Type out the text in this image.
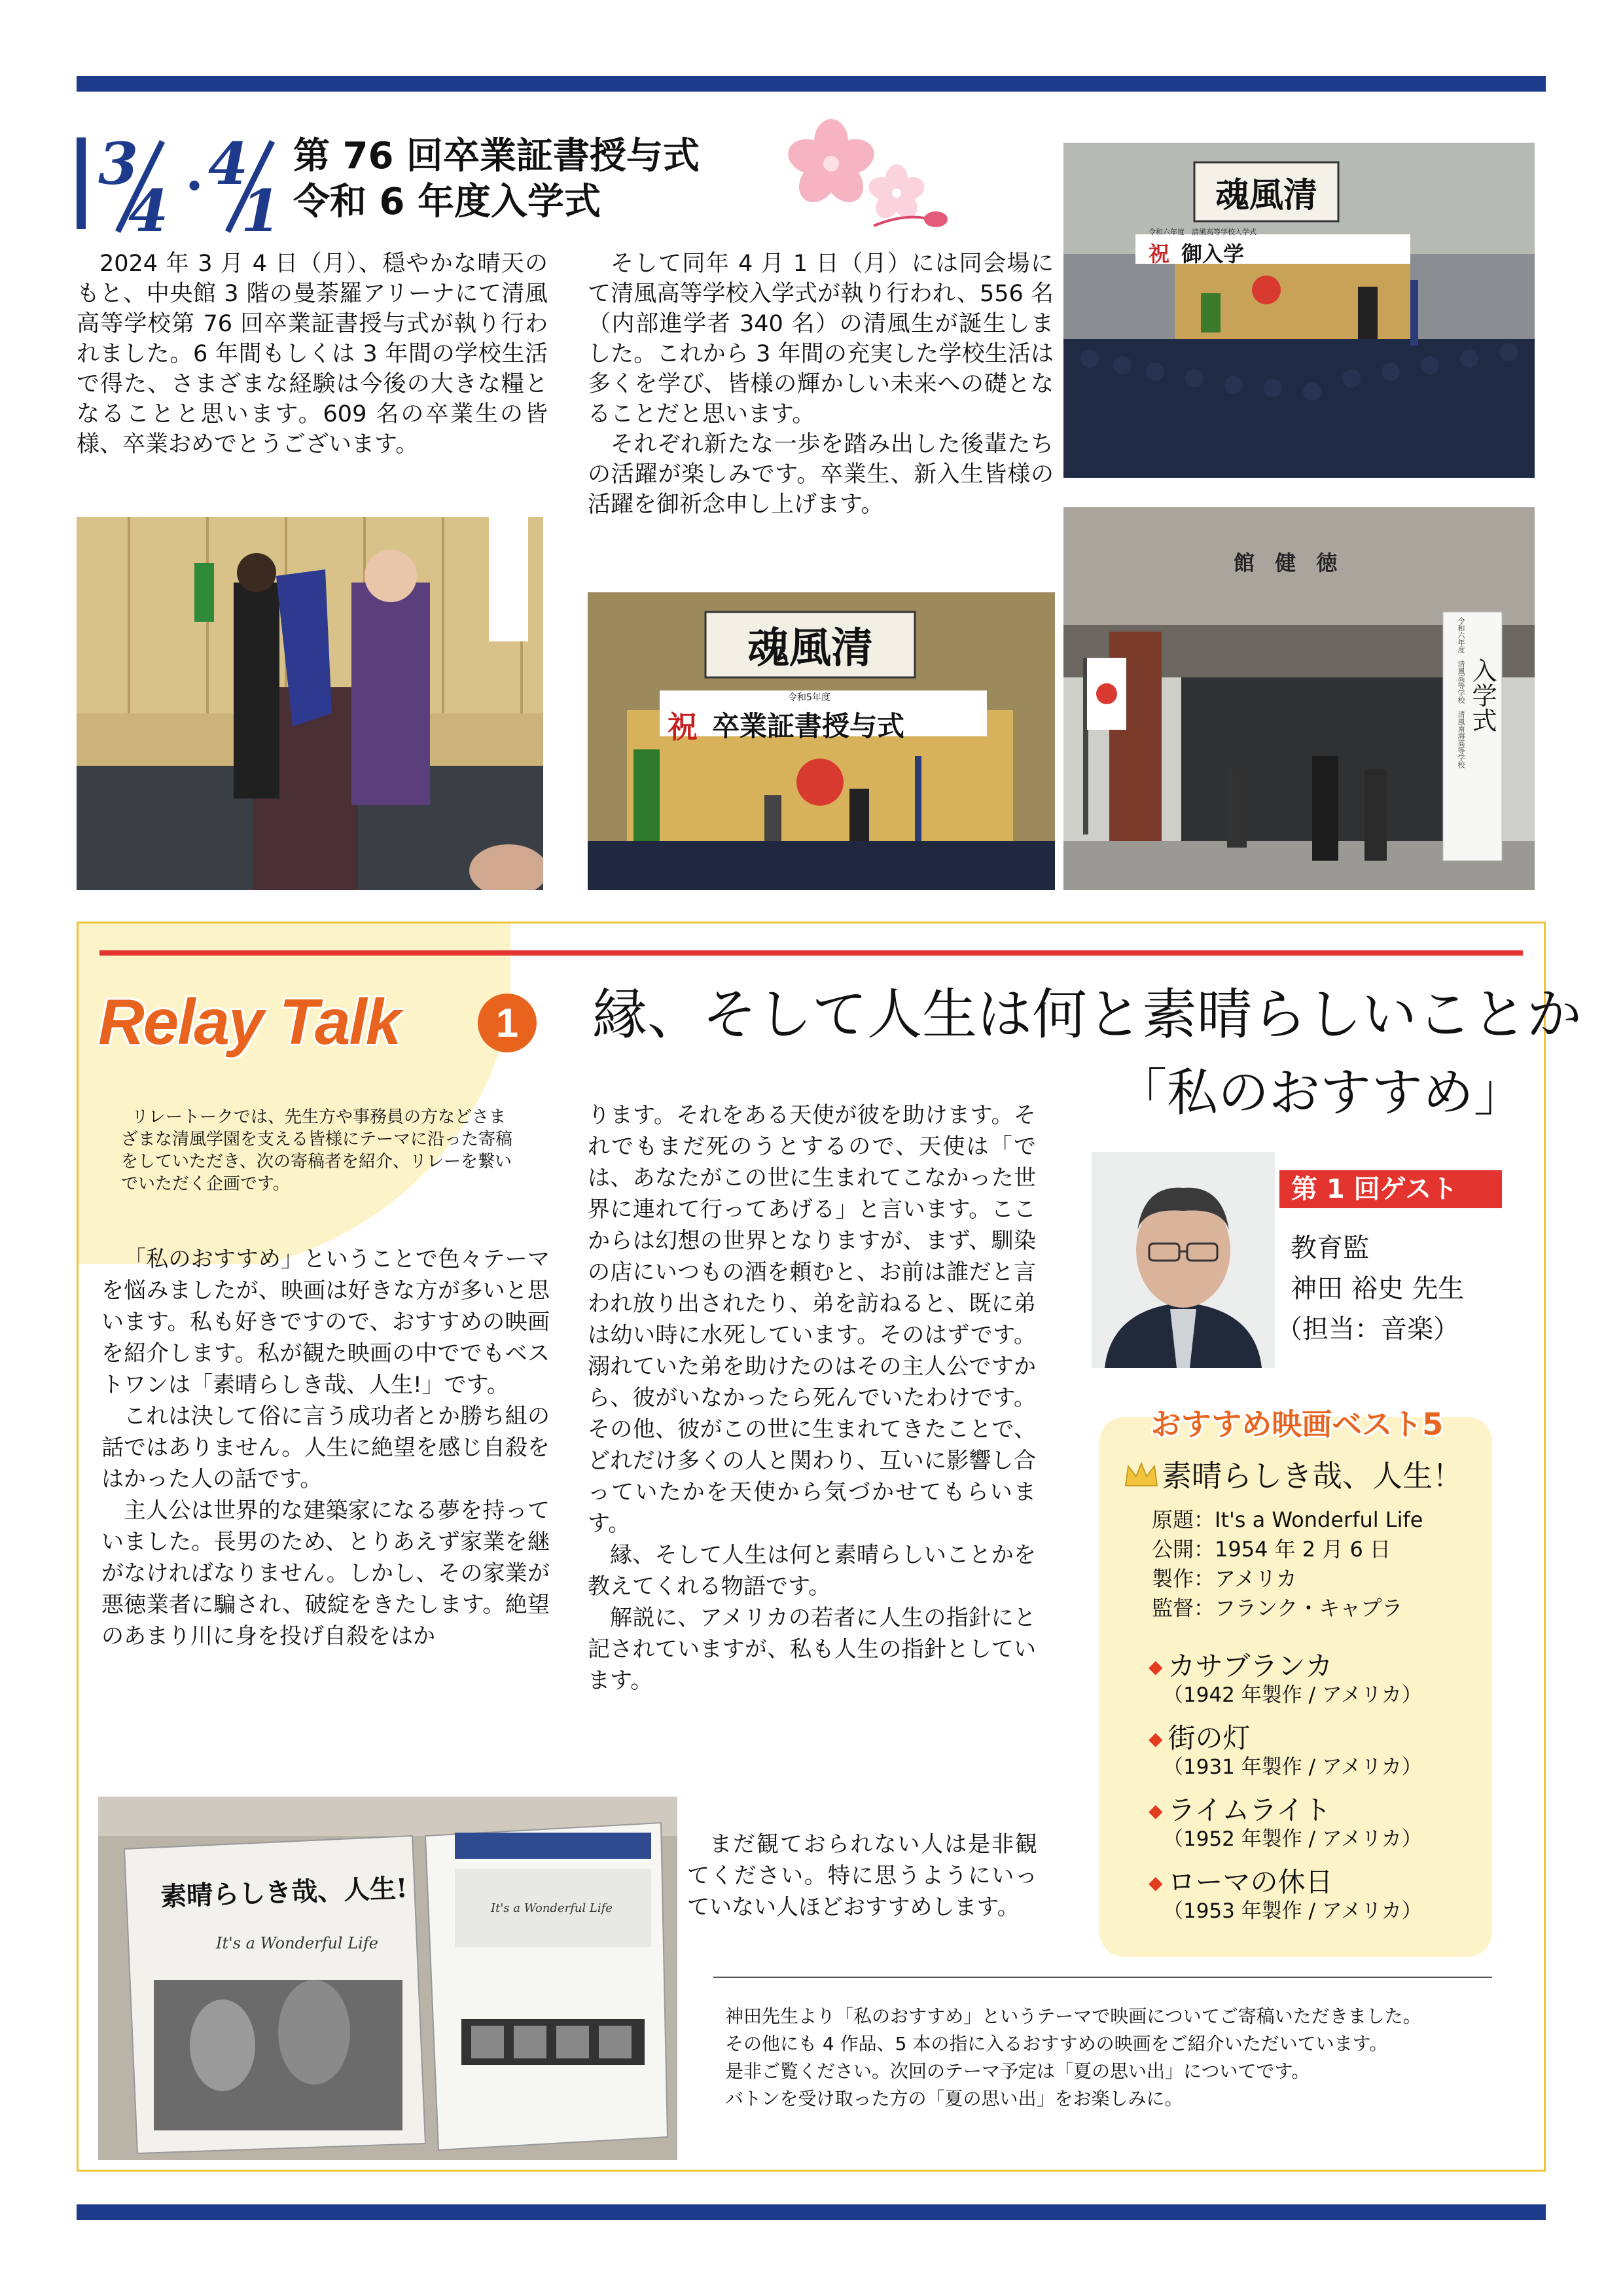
3
4 ・
4
1
第 76 回卒業証書授与式
令和 6 年度入学式

2024 年 3 月 4 日（月）、穏やかな晴天のもと、中央館 3 階の曼荼羅アリーナにて清風高等学校第 76 回卒業証書授与式が執り行われました。6 年間もしくは 3 年間の学校生活で得た、さまざまな経験は今後の大きな糧となることと思います。609 名の卒業生の皆様、卒業おめでとうございます。

そして同年 4 月 1 日（月）には同会場にて清風高等学校入学式が執り行われ、556 名（内部進学者 340 名）の清風生が誕生しました。これから 3 年間の充実した学校生活は多くを学び、皆様の輝かしい未来への礎となることだと思います。

それぞれ新たな一歩を踏み出した後輩たちの活躍が楽しみです。卒業生、新入生皆様の活躍を御祈念申し上げます。

魂風清
令和六年度　清風高等学校入学式
祝 御入学
魂風清
令和5年度
祝 卒業証書授与式
館 健 徳
令和六年度　清風高等学校　清風南海高等学校 入学式
Relay Talk	1	縁、そして人生は何と素晴らしいことか
「私のおすすめ」
リレートークでは、先生方や事務員の方などさまざまな清風学園を支える皆様にテーマに沿った寄稿をしていただき、次の寄稿者を紹介、リレーを繋いでいただく企画です。

「私のおすすめ」ということで色々テーマを悩みましたが、映画は好きな方が多いと思います。私も好きですので、おすすめの映画を紹介します。私が観た映画の中ででもベストワンは「素晴らしき哉、人生!」です。

これは決して俗に言う成功者とか勝ち組の話ではありません。人生に絶望を感じ自殺をはかった人の話です。

主人公は世界的な建築家になる夢を持っていました。長男のため、とりあえず家業を継がなければなりません。しかし、その家業が悪徳業者に騙され、破綻をきたします。絶望のあまり川に身を投げ自殺をはか

ります。それをある天使が彼を助けます。それでもまだ死のうとするので、天使は「では、あなたがこの世に生まれてこなかった世界に連れて行ってあげる」と言います。ここからは幻想の世界となりますが、まず、馴染の店にいつもの酒を頼むと、お前は誰だと言われ放り出されたり、弟を訪ねると、既に弟は幼い時に水死しています。そのはずです。溺れていた弟を助けたのはその主人公ですから、彼がいなかったら死んでいたわけです。その他、彼がこの世に生まれてきたことで、どれだけ多くの人と関わり、互いに影響し合っていたかを天使から気づかせてもらいます。

縁、そして人生は何と素晴らしいことかを教えてくれる物語です。

解説に、アメリカの若者に人生の指針にと記されていますが、私も人生の指針としています。

まだ観ておられない人は是非観てください。特に思うようにいっていない人ほどおすすめします。

素晴らしき哉、人生!
It's a Wonderful Life
It's a Wonderful Life
第 1 回ゲスト
教育監
神田 裕史 先生
（担当：音楽）
おすすめ映画ベスト5
素晴らしき哉、人生！
原題：It's a Wonderful Life
公開：1954 年 2 月 6 日
製作：アメリカ
監督：フランク・キャプラ
◆ カサブランカ
（1942 年製作 / アメリカ）
◆ 街の灯
（1931 年製作 / アメリカ）
◆ ライムライト
（1952 年製作 / アメリカ）
◆ ローマの休日
（1953 年製作 / アメリカ）
神田先生より「私のおすすめ」というテーマで映画についてご寄稿いただきました。
その他にも 4 作品、5 本の指に入るおすすめの映画をご紹介いただいています。
是非ご覧ください。次回のテーマ予定は「夏の思い出」についてです。
バトンを受け取った方の「夏の思い出」をお楽しみに。
